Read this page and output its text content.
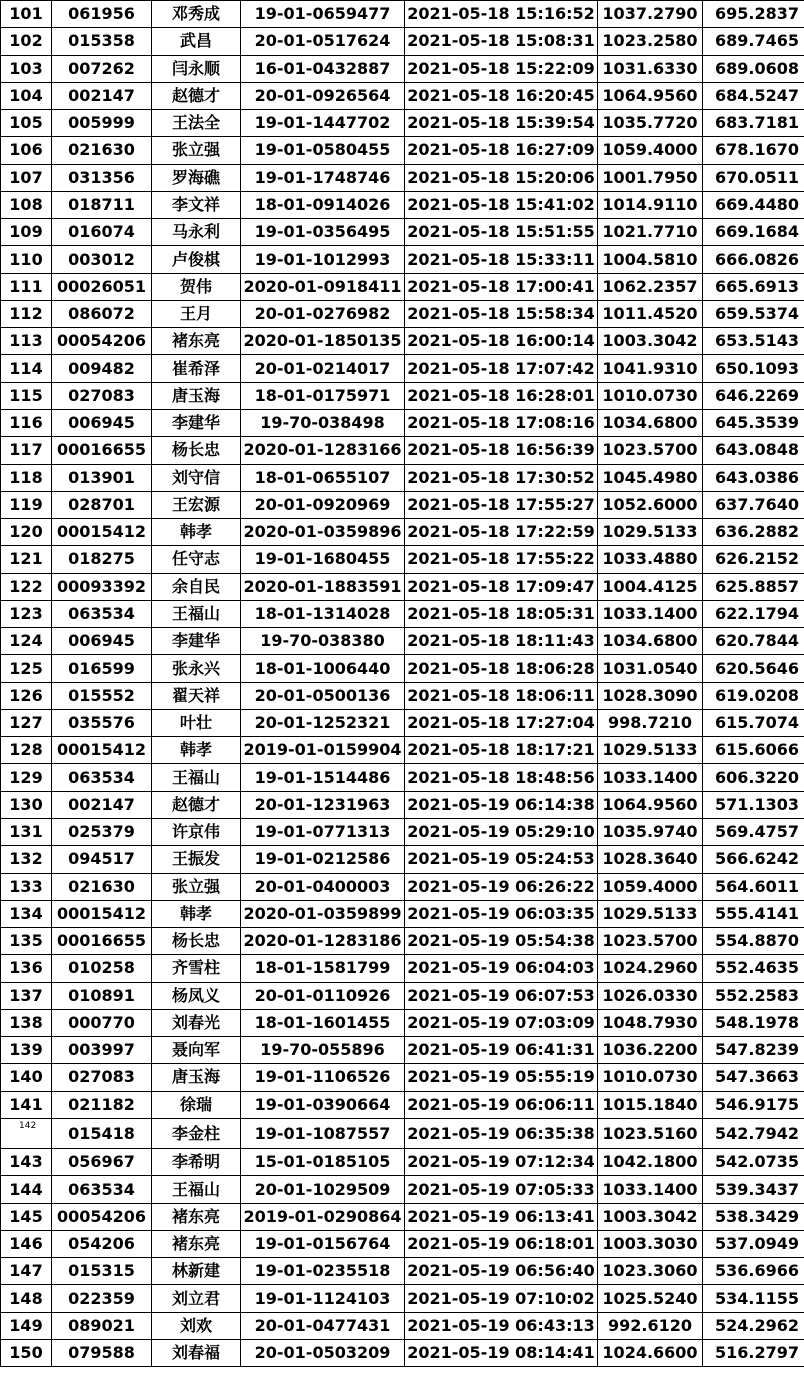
101	061956	邓秀成	19-01-0659477	2021-05-18 15:16:52	1037.2790	695.2837
102	015358	武昌	20-01-0517624	2021-05-18 15:08:31	1023.2580	689.7465
103	007262	闫永顺	16-01-0432887	2021-05-18 15:22:09	1031.6330	689.0608
104	002147	赵德才	20-01-0926564	2021-05-18 16:20:45	1064.9560	684.5247
105	005999	王法全	19-01-1447702	2021-05-18 15:39:54	1035.7720	683.7181
106	021630	张立强	19-01-0580455	2021-05-18 16:27:09	1059.4000	678.1670
107	031356	罗海礁	19-01-1748746	2021-05-18 15:20:06	1001.7950	670.0511
108	018711	李文祥	18-01-0914026	2021-05-18 15:41:02	1014.9110	669.4480
109	016074	马永利	19-01-0356495	2021-05-18 15:51:55	1021.7710	669.1684
110	003012	卢俊棋	19-01-1012993	2021-05-18 15:33:11	1004.5810	666.0826
111	00026051	贺伟	2020-01-0918411	2021-05-18 17:00:41	1062.2357	665.6913
112	086072	王月	20-01-0276982	2021-05-18 15:58:34	1011.4520	659.5374
113	00054206	褚东亮	2020-01-1850135	2021-05-18 16:00:14	1003.3042	653.5143
114	009482	崔希泽	20-01-0214017	2021-05-18 17:07:42	1041.9310	650.1093
115	027083	唐玉海	18-01-0175971	2021-05-18 16:28:01	1010.0730	646.2269
116	006945	李建华	19-70-038498	2021-05-18 17:08:16	1034.6800	645.3539
117	00016655	杨长忠	2020-01-1283166	2021-05-18 16:56:39	1023.5700	643.0848
118	013901	刘守信	18-01-0655107	2021-05-18 17:30:52	1045.4980	643.0386
119	028701	王宏源	20-01-0920969	2021-05-18 17:55:27	1052.6000	637.7640
120	00015412	韩孝	2020-01-0359896	2021-05-18 17:22:59	1029.5133	636.2882
121	018275	任守志	19-01-1680455	2021-05-18 17:55:22	1033.4880	626.2152
122	00093392	余自民	2020-01-1883591	2021-05-18 17:09:47	1004.4125	625.8857
123	063534	王福山	18-01-1314028	2021-05-18 18:05:31	1033.1400	622.1794
124	006945	李建华	19-70-038380	2021-05-18 18:11:43	1034.6800	620.7844
125	016599	张永兴	18-01-1006440	2021-05-18 18:06:28	1031.0540	620.5646
126	015552	翟天祥	20-01-0500136	2021-05-18 18:06:11	1028.3090	619.0208
127	035576	叶壮	20-01-1252321	2021-05-18 17:27:04	998.7210	615.7074
128	00015412	韩孝	2019-01-0159904	2021-05-18 18:17:21	1029.5133	615.6066
129	063534	王福山	19-01-1514486	2021-05-18 18:48:56	1033.1400	606.3220
130	002147	赵德才	20-01-1231963	2021-05-19 06:14:38	1064.9560	571.1303
131	025379	许京伟	19-01-0771313	2021-05-19 05:29:10	1035.9740	569.4757
132	094517	王振发	19-01-0212586	2021-05-19 05:24:53	1028.3640	566.6242
133	021630	张立强	20-01-0400003	2021-05-19 06:26:22	1059.4000	564.6011
134	00015412	韩孝	2020-01-0359899	2021-05-19 06:03:35	1029.5133	555.4141
135	00016655	杨长忠	2020-01-1283186	2021-05-19 05:54:38	1023.5700	554.8870
136	010258	齐雪柱	18-01-1581799	2021-05-19 06:04:03	1024.2960	552.4635
137	010891	杨凤义	20-01-0110926	2021-05-19 06:07:53	1026.0330	552.2583
138	000770	刘春光	18-01-1601455	2021-05-19 07:03:09	1048.7930	548.1978
139	003997	聂向军	19-70-055896	2021-05-19 06:41:31	1036.2200	547.8239
140	027083	唐玉海	19-01-1106526	2021-05-19 05:55:19	1010.0730	547.3663
141	021182	徐瑞	19-01-0390664	2021-05-19 06:06:11	1015.1840	546.9175
142	015418	李金柱	19-01-1087557	2021-05-19 06:35:38	1023.5160	542.7942
143	056967	李希明	15-01-0185105	2021-05-19 07:12:34	1042.1800	542.0735
144	063534	王福山	20-01-1029509	2021-05-19 07:05:33	1033.1400	539.3437
145	00054206	褚东亮	2019-01-0290864	2021-05-19 06:13:41	1003.3042	538.3429
146	054206	褚东亮	19-01-0156764	2021-05-19 06:18:01	1003.3030	537.0949
147	015315	林新建	19-01-0235518	2021-05-19 06:56:40	1023.3060	536.6966
148	022359	刘立君	19-01-1124103	2021-05-19 07:10:02	1025.5240	534.1155
149	089021	刘欢	20-01-0477431	2021-05-19 06:43:13	992.6120	524.2962
150	079588	刘春福	20-01-0503209	2021-05-19 08:14:41	1024.6600	516.2797
